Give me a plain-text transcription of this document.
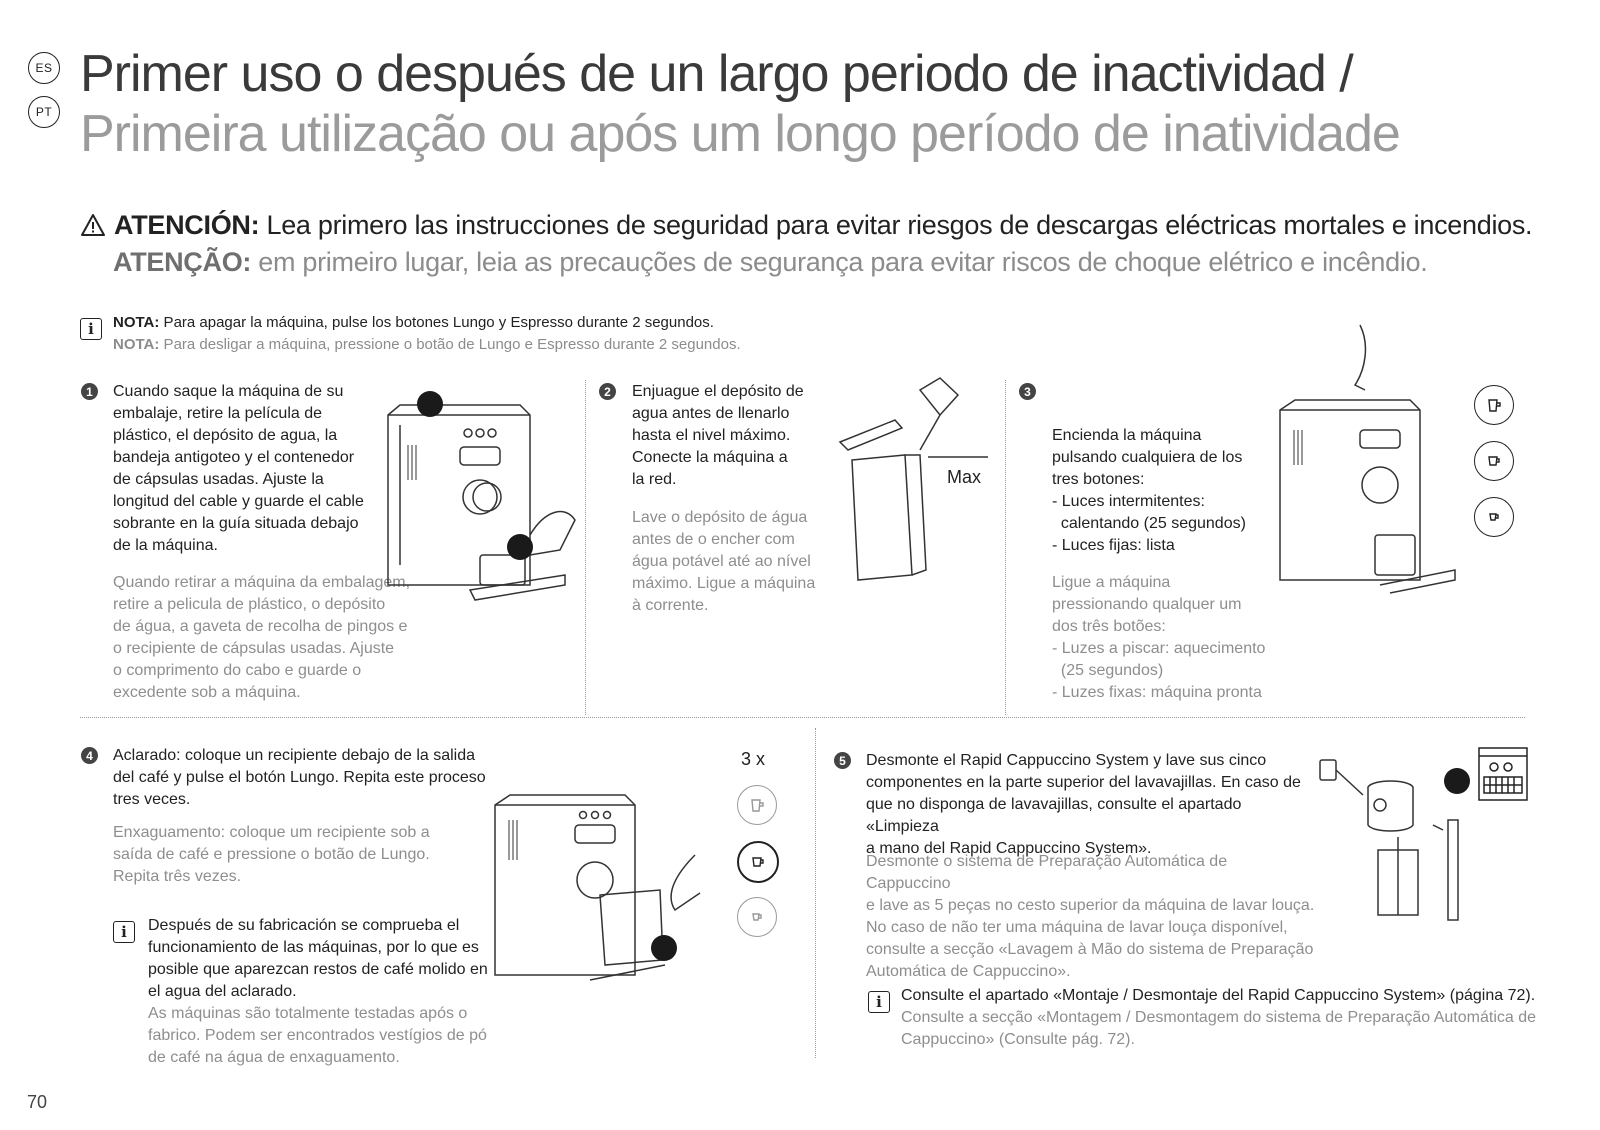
ES
PT
Primer uso o después de un largo periodo de inactividad /
Primeira utilização ou após um longo período de inatividade
ATENCIÓN: Lea primero las instrucciones de seguridad para evitar riesgos de descargas eléctricas mortales e incendios.
ATENÇÃO: em primeiro lugar, leia as precauções de segurança para evitar riscos de choque elétrico e incêndio.
i	NOTA: Para apagar la máquina, pulse los botones Lungo y Espresso durante 2 segundos.
NOTA: Para desligar a máquina, pressione o botão de Lungo e Espresso durante 2 segundos.
1	Cuando saque la máquina de su

embalaje, retire la película de

plástico, el depósito de agua, la

bandeja antigoteo y el contenedor

de cápsulas usadas. Ajuste la

longitud del cable y guarde el cable

sobrante en la guía situada debajo

de la máquina.

Quando retirar a máquina da embalagem,

retire a pelicula de plástico, o depósito

de água, a gaveta de recolha de pingos e

o recipiente de cápsulas usadas. Ajuste

o comprimento do cabo e guarde o

excedente sob a máquina.

2	Enjuague el depósito de

agua antes de llenarlo

hasta el nivel máximo.

Conecte la máquina a

la red.

Lave o depósito de água

antes de o encher com

água potável até ao nível

máximo. Ligue a máquina

à corrente.

Max
3

Encienda la máquina

pulsando cualquiera de los

tres botones:

- Luces intermitentes:

calentando (25 segundos)

- Luces fijas: lista

Ligue a máquina

pressionando qualquer um

dos três botões:

- Luzes a piscar: aquecimento

(25 segundos)

- Luzes fixas: máquina pronta

4	Aclarado: coloque un recipiente debajo de la salida

del café y pulse el botón Lungo. Repita este proceso

tres veces.

Enxaguamento: coloque um recipiente sob a

saída de café e pressione o botão de Lungo.

Repita três vezes.

i	Después de su fabricación se comprueba el

funcionamiento de las máquinas, por lo que es

posible que aparezcan restos de café molido en

el agua del aclarado.

As máquinas são totalmente testadas após o

fabrico. Podem ser encontrados vestígios de pó

de café na água de enxaguamento.

3 x	5	Desmonte el Rapid Cappuccino System y lave sus cinco

componentes en la parte superior del lavavajillas. En caso de

que no disponga de lavavajillas, consulte el apartado «Limpieza

a mano del Rapid Cappuccino System».

Desmonte o sistema de Preparação Automática de Cappuccino

e lave as 5 peças no cesto superior da máquina de lavar louça.

No caso de não ter uma máquina de lavar louça disponível,

consulte a secção «Lavagem à Mão do sistema de Preparação

Automática de Cappuccino».

i	Consulte el apartado «Montaje / Desmontaje del Rapid Cappuccino System» (página 72).

Consulte a secção «Montagem / Desmontagem do sistema de Preparação Automática de

Cappuccino» (Consulte pág. 72).

70
